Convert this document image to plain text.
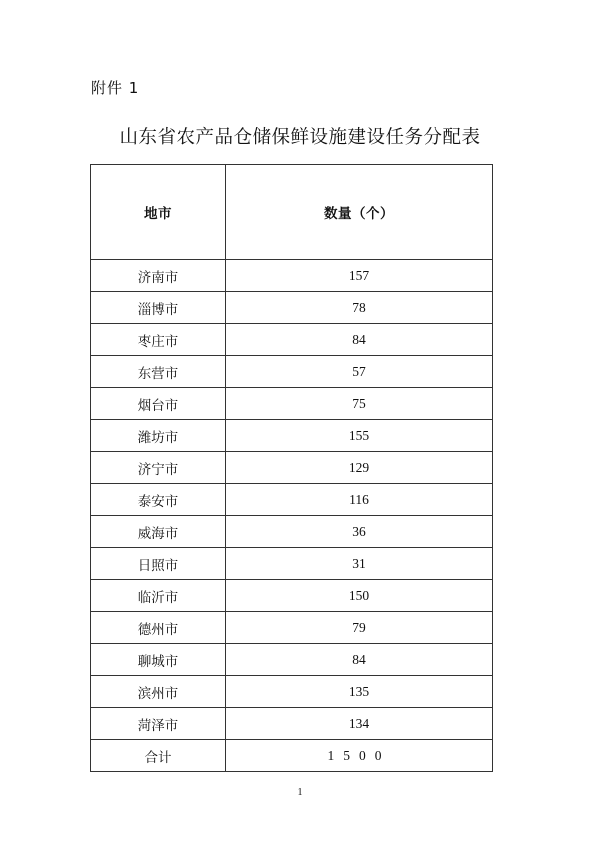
附件 1
山东省农产品仓储保鲜设施建设任务分配表
地市	数量（个）
济南市	157
淄博市	78
枣庄市	84
东营市	57
烟台市	75
潍坊市	155
济宁市	129
泰安市	116
威海市	36
日照市	31
临沂市	150
德州市	79
聊城市	84
滨州市	135
菏泽市	134
合计	1500
1
